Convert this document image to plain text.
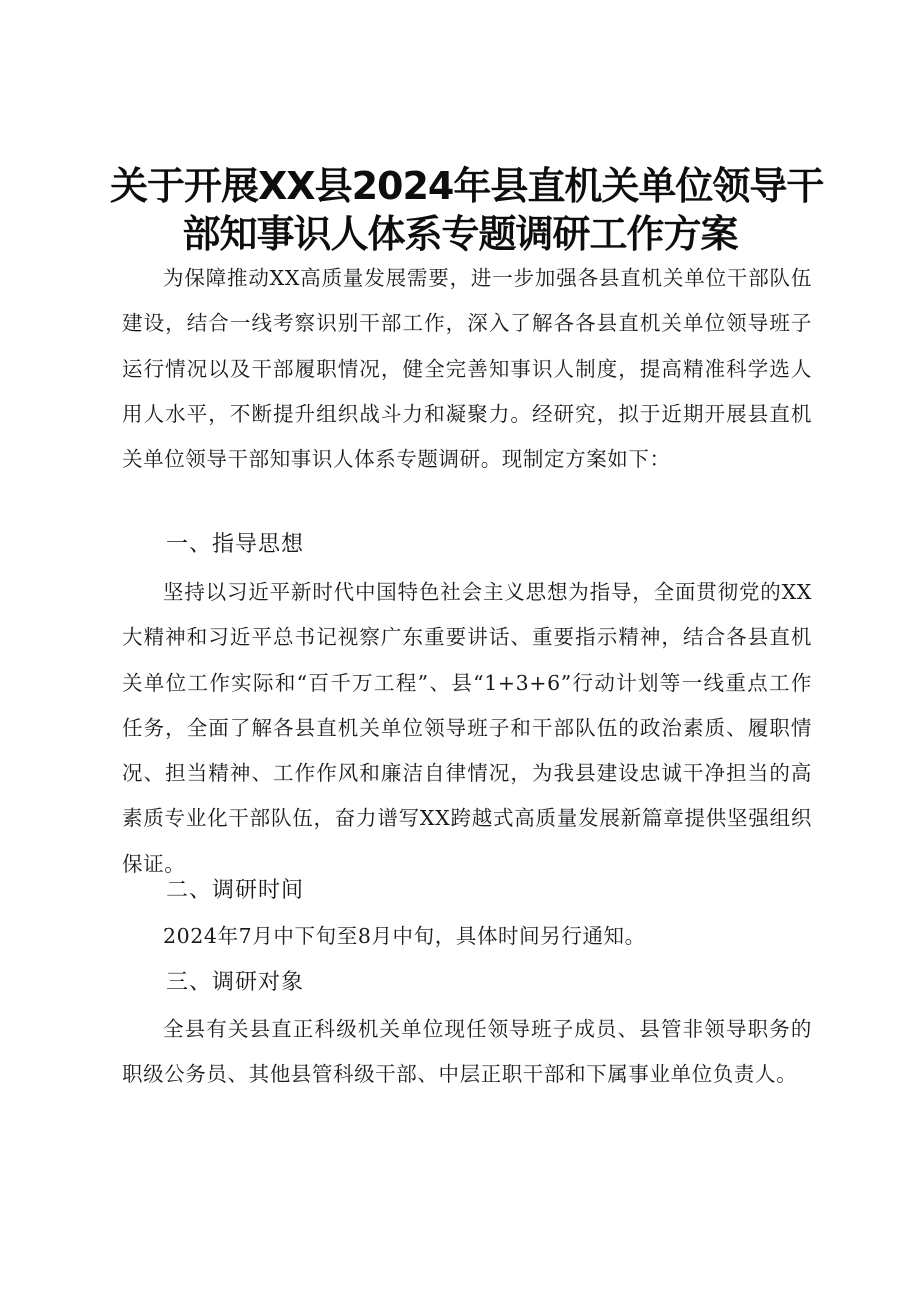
关于开展XX县2024年县直机关单位领导干
部知事识人体系专题调研工作方案

为保障推动XX高质量发展需要，进一步加强各县直机关单位干部队伍建设，结合一线考察识别干部工作，深入了解各各县直机关单位领导班子运行情况以及干部履职情况，健全完善知事识人制度，提高精准科学选人用人水平，不断提升组织战斗力和凝聚力。经研究，拟于近期开展县直机关单位领导干部知事识人体系专题调研。现制定方案如下：

一、指导思想

坚持以习近平新时代中国特色社会主义思想为指导，全面贯彻党的XX大精神和习近平总书记视察广东重要讲话、重要指示精神，结合各县直机关单位工作实际和“百千万工程”、县“1+3+6”行动计划等一线重点工作任务，全面了解各县直机关单位领导班子和干部队伍的政治素质、履职情况、担当精神、工作作风和廉洁自律情况，为我县建设忠诚干净担当的高素质专业化干部队伍，奋力谱写XX跨越式高质量发展新篇章提供坚强组织保证。

二、调研时间

2024年7月中下旬至8月中旬，具体时间另行通知。

三、调研对象

全县有关县直正科级机关单位现任领导班子成员、县管非领导职务的职级公务员、其他县管科级干部、中层正职干部和下属事业单位负责人。
